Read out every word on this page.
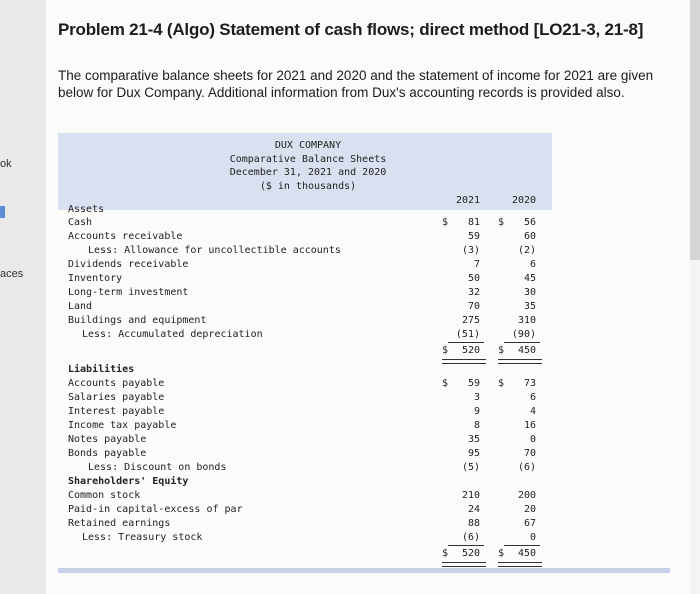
ok
aces
Problem 21-4 (Algo) Statement of cash flows; direct method [LO21-3, 21-8]

The comparative balance sheets for 2021 and 2020 and the statement of income for 2021 are given below for Dux Company. Additional information from Dux's accounting records is provided also.

DUX COMPANY
Comparative Balance Sheets
December 31, 2021 and 2020
($ in thousands)
2021	2020
Assets
Cash	$	81 $	56
Accounts receivable	59	60
Less: Allowance for uncollectible accounts	(3)	(2)
Dividends receivable	7	6
Inventory	50	45
Long-term investment	32	30
Land	70	35
Buildings and equipment	275	310
Less: Accumulated depreciation	(51)	(90)
$	520 $	450
Liabilities
Accounts payable	$	59 $	73
Salaries payable	3	6
Interest payable	9	4
Income tax payable	8	16
Notes payable	35	0
Bonds payable	95	70
Less: Discount on bonds	(5)	(6)
Shareholders' Equity
Common stock	210	200
Paid-in capital-excess of par	24	20
Retained earnings	88	67
Less: Treasury stock	(6)	0
$	520 $	450
